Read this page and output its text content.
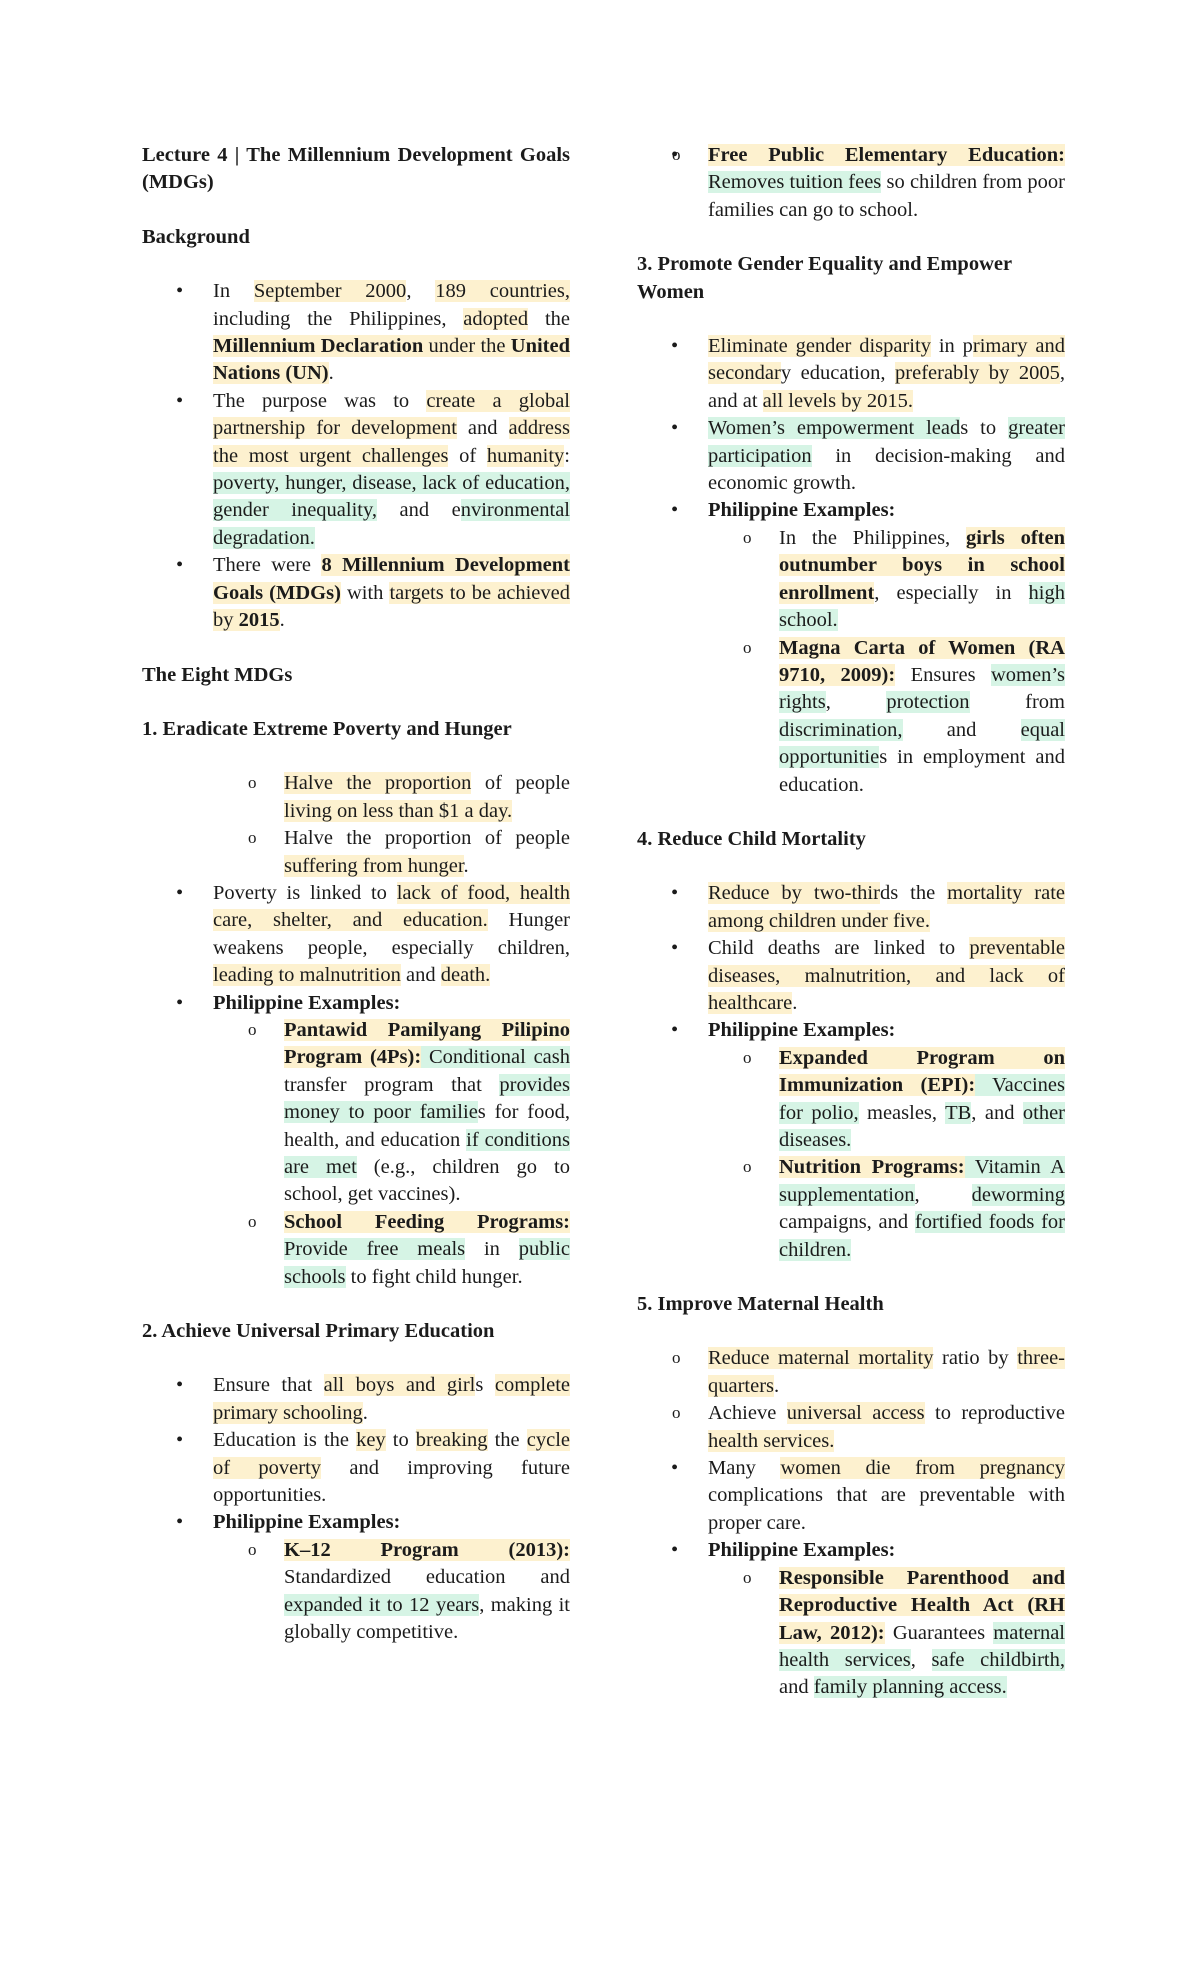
Lecture 4 | The Millennium Development Goals (MDGs)

Background

• In September 2000, 189 countries, including the Philippines, adopted the Millennium Declaration under the United Nations (UN).
• The purpose was to create a global partnership for development and address the most urgent challenges of humanity: poverty, hunger, disease, lack of education, gender inequality, and environmental degradation.
• There were 8 Millennium Development Goals (MDGs) with targets to be achieved by 2015.

The Eight MDGs

1. Eradicate Extreme Poverty and Hunger

o Halve the proportion of people living on less than $1 a day.
o Halve the proportion of people suffering from hunger.
• Poverty is linked to lack of food, health care, shelter, and education. Hunger weakens people, especially children, leading to malnutrition and death.
• Philippine Examples:
o Pantawid Pamilyang Pilipino Program (4Ps): Conditional cash transfer program that provides money to poor families for food, health, and education if conditions are met (e.g., children go to school, get vaccines).
o School Feeding Programs: Provide free meals in public schools to fight child hunger.

2. Achieve Universal Primary Education

• Ensure that all boys and girls complete primary schooling.
• Education is the key to breaking the cycle of poverty and improving future opportunities.
• Philippine Examples:
o K–12 Program (2013): Standardized education and expanded it to 12 years, making it globally competitive.
o • Free Public Elementary Education: Removes tuition fees so children from poor families can go to school.

3. Promote Gender Equality and Empower Women

• Eliminate gender disparity in primary and secondary education, preferably by 2005, and at all levels by 2015.
• Women’s empowerment leads to greater participation in decision-making and economic growth.
• Philippine Examples:
o In the Philippines, girls often outnumber boys in school enrollment, especially in high school.
o Magna Carta of Women (RA 9710, 2009): Ensures women’s rights, protection from discrimination, and equal opportunities in employment and education.

4. Reduce Child Mortality

• Reduce by two-thirds the mortality rate among children under five.
• Child deaths are linked to preventable diseases, malnutrition, and lack of healthcare.
• Philippine Examples:
o Expanded Program on Immunization (EPI): Vaccines for polio, measles, TB, and other diseases.
o Nutrition Programs: Vitamin A supplementation, deworming campaigns, and fortified foods for children.

5. Improve Maternal Health

o Reduce maternal mortality ratio by three-quarters.
o Achieve universal access to reproductive health services.
• Many women die from pregnancy complications that are preventable with proper care.
• Philippine Examples:
o Responsible Parenthood and Reproductive Health Act (RH Law, 2012): Guarantees maternal health services, safe childbirth, and family planning access.
